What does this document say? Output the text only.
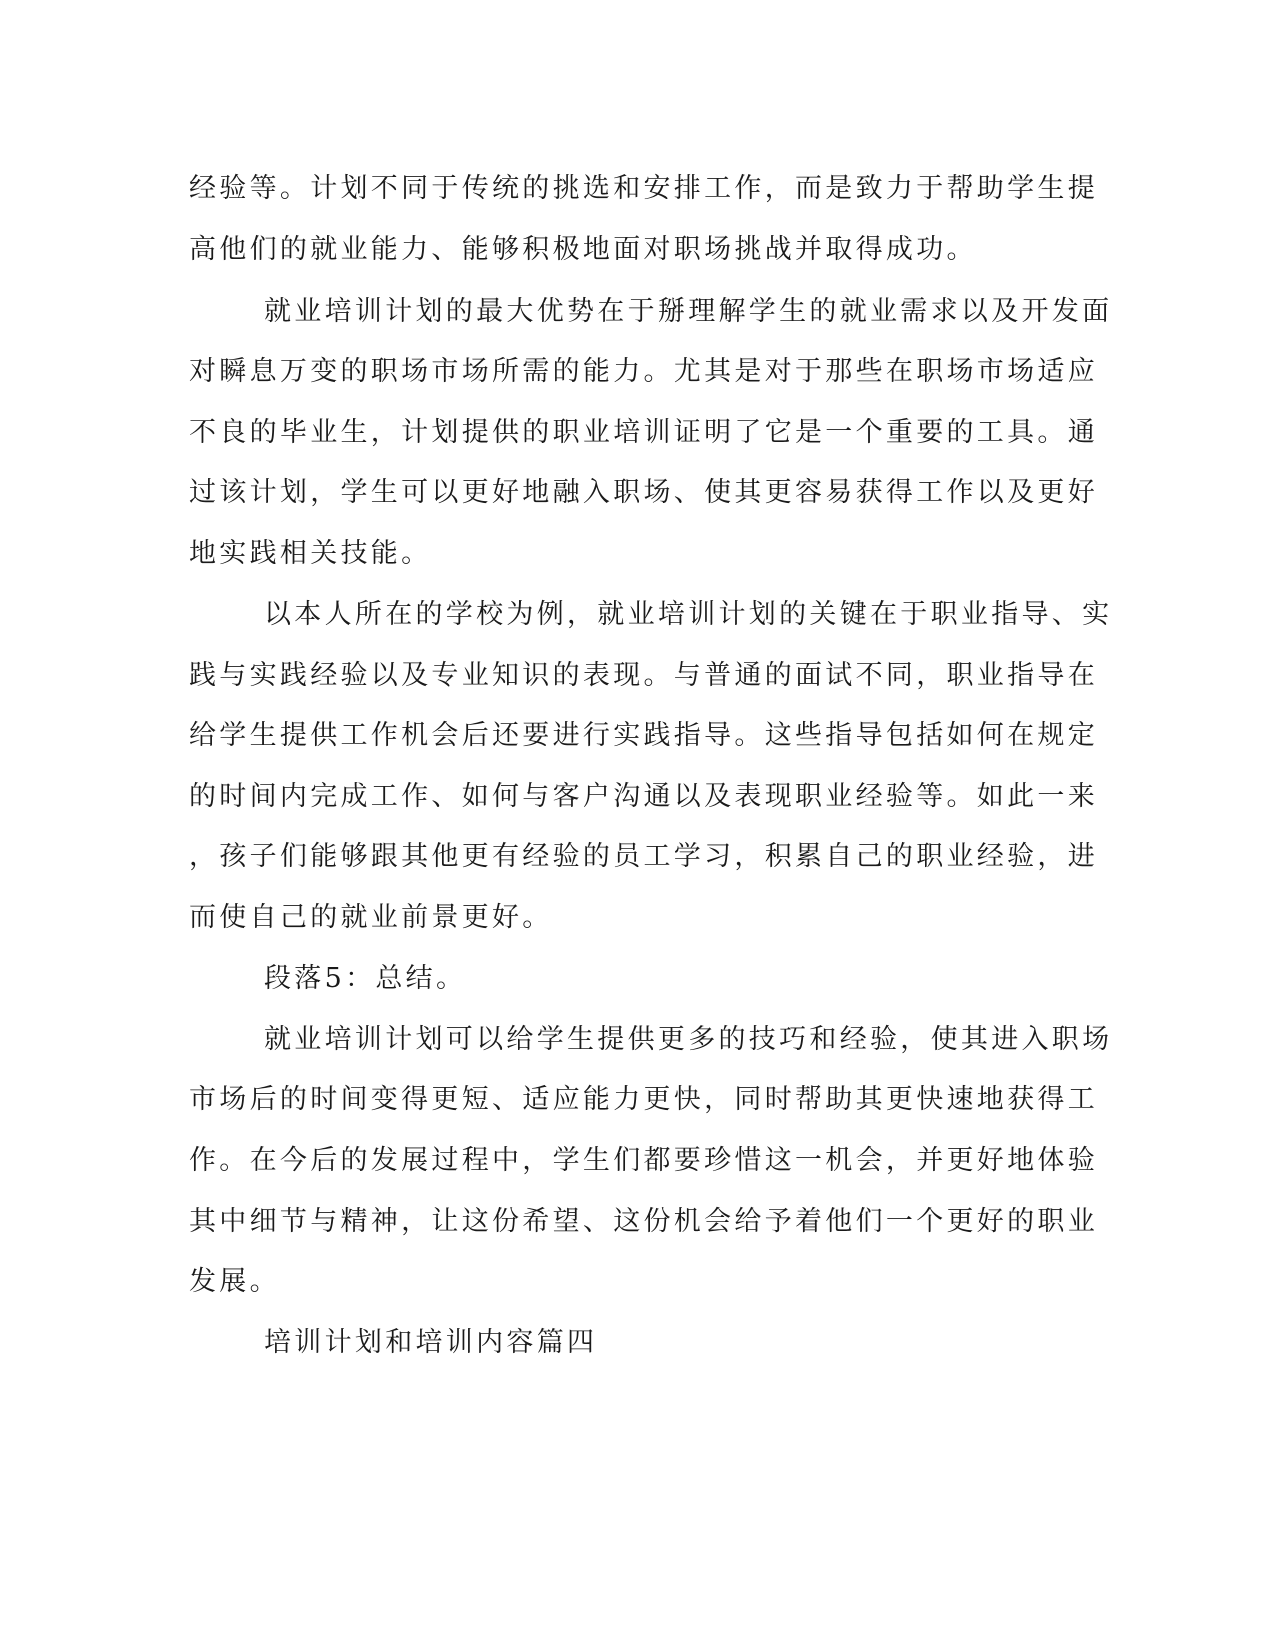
经验等。计划不同于传统的挑选和安排工作，而是致力于帮助学生提
高他们的就业能力、能够积极地面对职场挑战并取得成功。
就业培训计划的最大优势在于掰理解学生的就业需求以及开发面
对瞬息万变的职场市场所需的能力。尤其是对于那些在职场市场适应
不良的毕业生，计划提供的职业培训证明了它是一个重要的工具。通
过该计划，学生可以更好地融入职场、使其更容易获得工作以及更好
地实践相关技能。
以本人所在的学校为例，就业培训计划的关键在于职业指导、实
践与实践经验以及专业知识的表现。与普通的面试不同，职业指导在
给学生提供工作机会后还要进行实践指导。这些指导包括如何在规定
的时间内完成工作、如何与客户沟通以及表现职业经验等。如此一来
，孩子们能够跟其他更有经验的员工学习，积累自己的职业经验，进
而使自己的就业前景更好。
段落5：总结。
就业培训计划可以给学生提供更多的技巧和经验，使其进入职场
市场后的时间变得更短、适应能力更快，同时帮助其更快速地获得工
作。在今后的发展过程中，学生们都要珍惜这一机会，并更好地体验
其中细节与精神，让这份希望、这份机会给予着他们一个更好的职业
发展。
培训计划和培训内容篇四
